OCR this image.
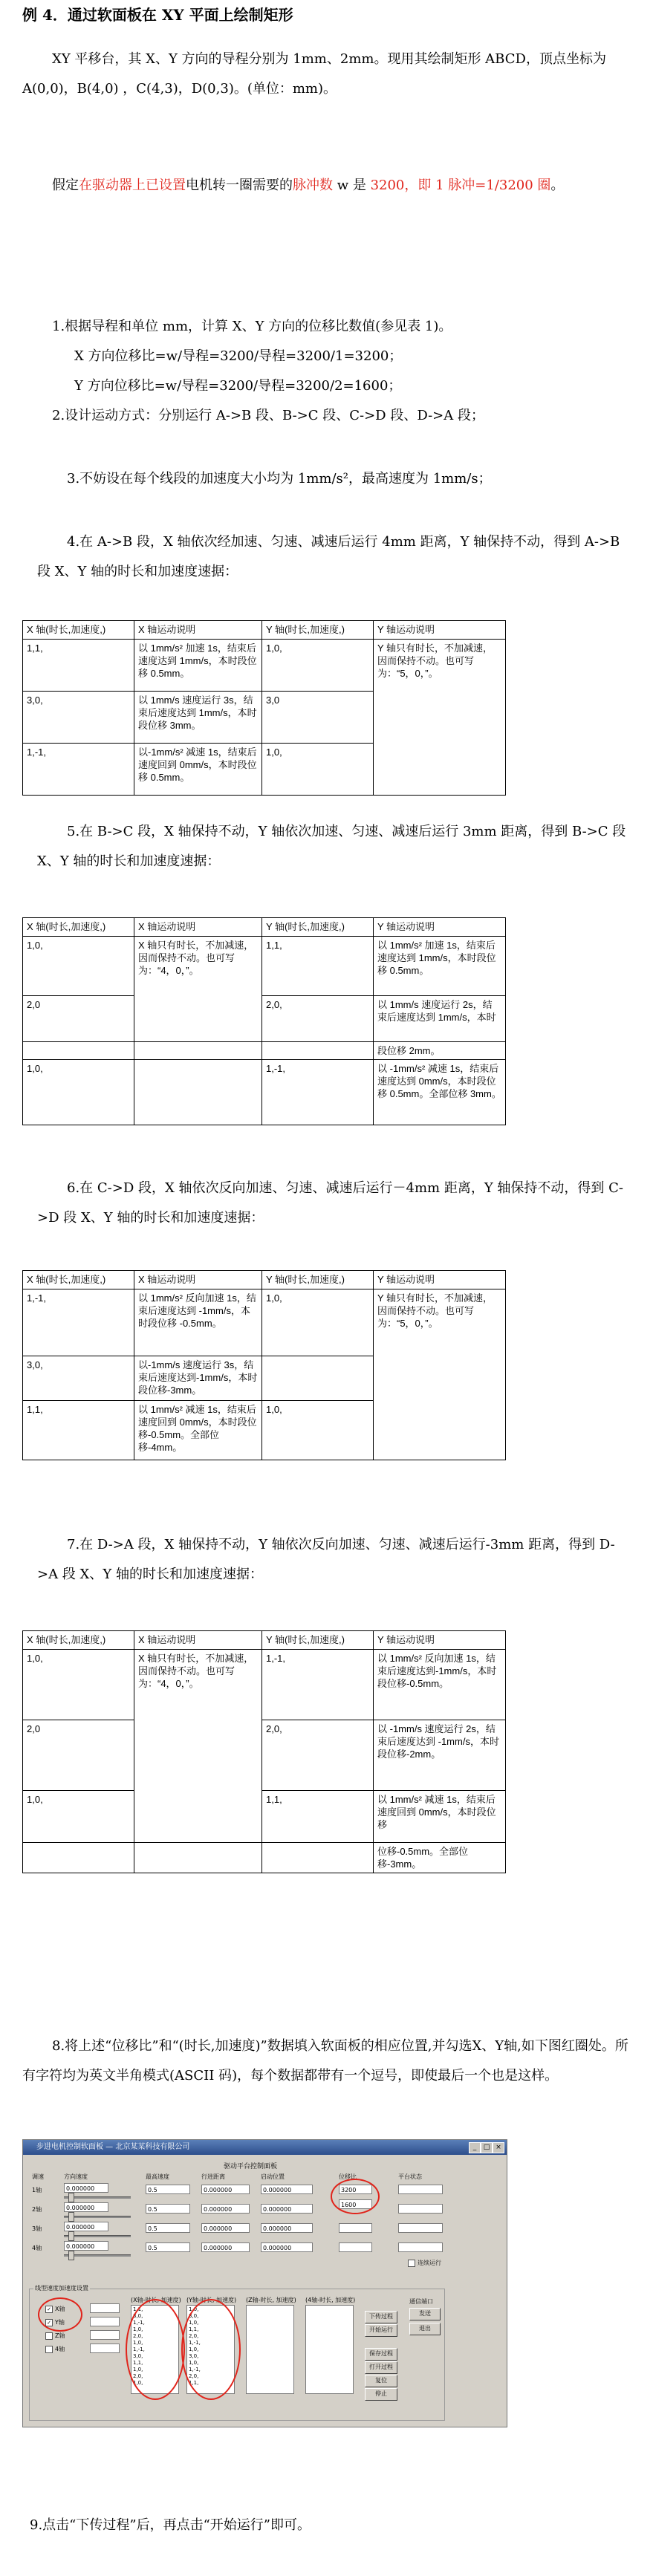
例 4．通过软面板在 XY 平面上绘制矩形
XY 平移台，其 X、Y 方向的导程分别为 1mm、2mm。现用其绘制矩形 ABCD，顶点坐标为 A(0,0)，B(4,0) ，C(4,3)，D(0,3)。(单位：mm)。
假定在驱动器上已设置电机转一圈需要的脉冲数 w 是 3200，即 1 脉冲=1/3200 圈。
1.根据导程和单位 mm，计算 X、Y 方向的位移比数值(参见表 1)。
X 方向位移比=w/导程=3200/导程=3200/1=3200；
Y 方向位移比=w/导程=3200/导程=3200/2=1600；
2.设计运动方式：分别运行 A->B 段、B->C 段、C->D 段、D->A 段；
3.不妨设在每个线段的加速度大小均为 1mm/s²，最高速度为 1mm/s；
4.在 A->B 段，X 轴依次经加速、匀速、减速后运行 4mm 距离，Y 轴保持不动，得到 A->B 段 X、Y 轴的时长和加速度速据：
X 轴(时长,加速度,)	X 轴运动说明	Y 轴(时长,加速度,)	Y 轴运动说明
1,1,	以 1mm/s² 加速 1s，结束后速度达到 1mm/s，本时段位移 0.5mm。	1,0,	Y 轴只有时长，不加减速，因而保持不动。也可写为：“5，0，”。
3,0,	以 1mm/s 速度运行 3s，结束后速度达到 1mm/s，本时段位移 3mm。	3,0	
1,-1,	以-1mm/s² 减速 1s，结束后速度回到 0mm/s，本时段位移 0.5mm。	1,0,	
5.在 B->C 段，X 轴保持不动，Y 轴依次加速、匀速、减速后运行 3mm 距离，得到 B->C 段 X、Y 轴的时长和加速度速据：
X 轴(时长,加速度,)	X 轴运动说明	Y 轴(时长,加速度,)	Y 轴运动说明
1,0,	X 轴只有时长，不加减速，因而保持不动。也可写为：“4，0，”。	1,1,	以 1mm/s² 加速 1s，结束后速度达到 1mm/s，本时段位移 0.5mm。
2,0		2,0,	以 1mm/s 速度运行 2s，结束后速度达到 1mm/s，本时
			段位移 2mm。
1,0,		1,-1,	以 -1mm/s² 减速 1s，结束后速度达到 0mm/s，本时段位移 0.5mm。全部位移 3mm。
6.在 C->D 段，X 轴依次反向加速、匀速、减速后运行－4mm 距离，Y 轴保持不动，得到 C->D 段 X、Y 轴的时长和加速度速据：
X 轴(时长,加速度,)	X 轴运动说明	Y 轴(时长,加速度,)	Y 轴运动说明
1,-1,	以 1mm/s² 反向加速 1s，结束后速度达到 -1mm/s，本时段位移 -0.5mm。	1,0,	Y 轴只有时长，不加减速，因而保持不动。也可写为：“5，0，”。
3,0,	以-1mm/s 速度运行 3s，结束后速度达到-1mm/s，本时段位移-3mm。		
1,1,	以 1mm/s² 减速 1s，结束后速度回到 0mm/s，本时段位移-0.5mm。全部位移-4mm。	1,0,	
7.在 D->A 段，X 轴保持不动，Y 轴依次反向加速、匀速、减速后运行-3mm 距离，得到 D->A 段 X、Y 轴的时长和加速度速据：
X 轴(时长,加速度,)	X 轴运动说明	Y 轴(时长,加速度,)	Y 轴运动说明
1,0,	X 轴只有时长，不加减速，因而保持不动。也可写为：“4，0，”。	1,-1,	以 1mm/s² 反向加速 1s，结束后速度达到-1mm/s，本时段位移-0.5mm。
2,0		2,0,	以 -1mm/s 速度运行 2s，结束后速度达到 -1mm/s，本时段位移-2mm。
1,0,		1,1,	以 1mm/s² 减速 1s，结束后速度回到 0mm/s，本时段位移
			位移-0.5mm。全部位移-3mm。
8.将上述“位移比”和“(时长,加速度)”数据填入软面板的相应位置,并勾选X、Y轴,如下图红圈处。所有字符均为英文半角模式(ASCII 码)，每个数据都带有一个逗号，即使最后一个也是这样。
步进电机控制软面板 — 北京某某科技有限公司	_	□ ×
驱动平台控制面板
调速	方向速度	最高速度	行进距离	启动位置	位移比	平台状态
1轴
2轴
3轴
4轴
0.000000
0.000000
0.000000
0.000000
0.5
0.5
0.5
0.5
0.000000
0.000000
0.000000
0.000000
0.000000
0.000000
0.000000
0.000000
3200
1600
连续运行
线型速度加速度设置
✓ X轴
✓ Y轴
Z轴
4轴
(X轴-时长, 加速度)
1,1,
3,0,
1,-1,
1,0,
2,0,
1,0,
1,-1,
3,0,
1,1,
1,0,
2,0,
1,0,
(Y轴-时长, 加速度)
1,0,
3,0,
1,0,
1,1,
2,0,
1,-1,
1,0,
3,0,
1,0,
1,-1,
2,0,
1,1,
(Z轴-时长, 加速度) (4轴-时长, 加速度)
下传过程
开始运行
保存过程
打开过程
复位
停止
通信端口
发送
退出
9.点击“下传过程”后，再点击“开始运行”即可。
